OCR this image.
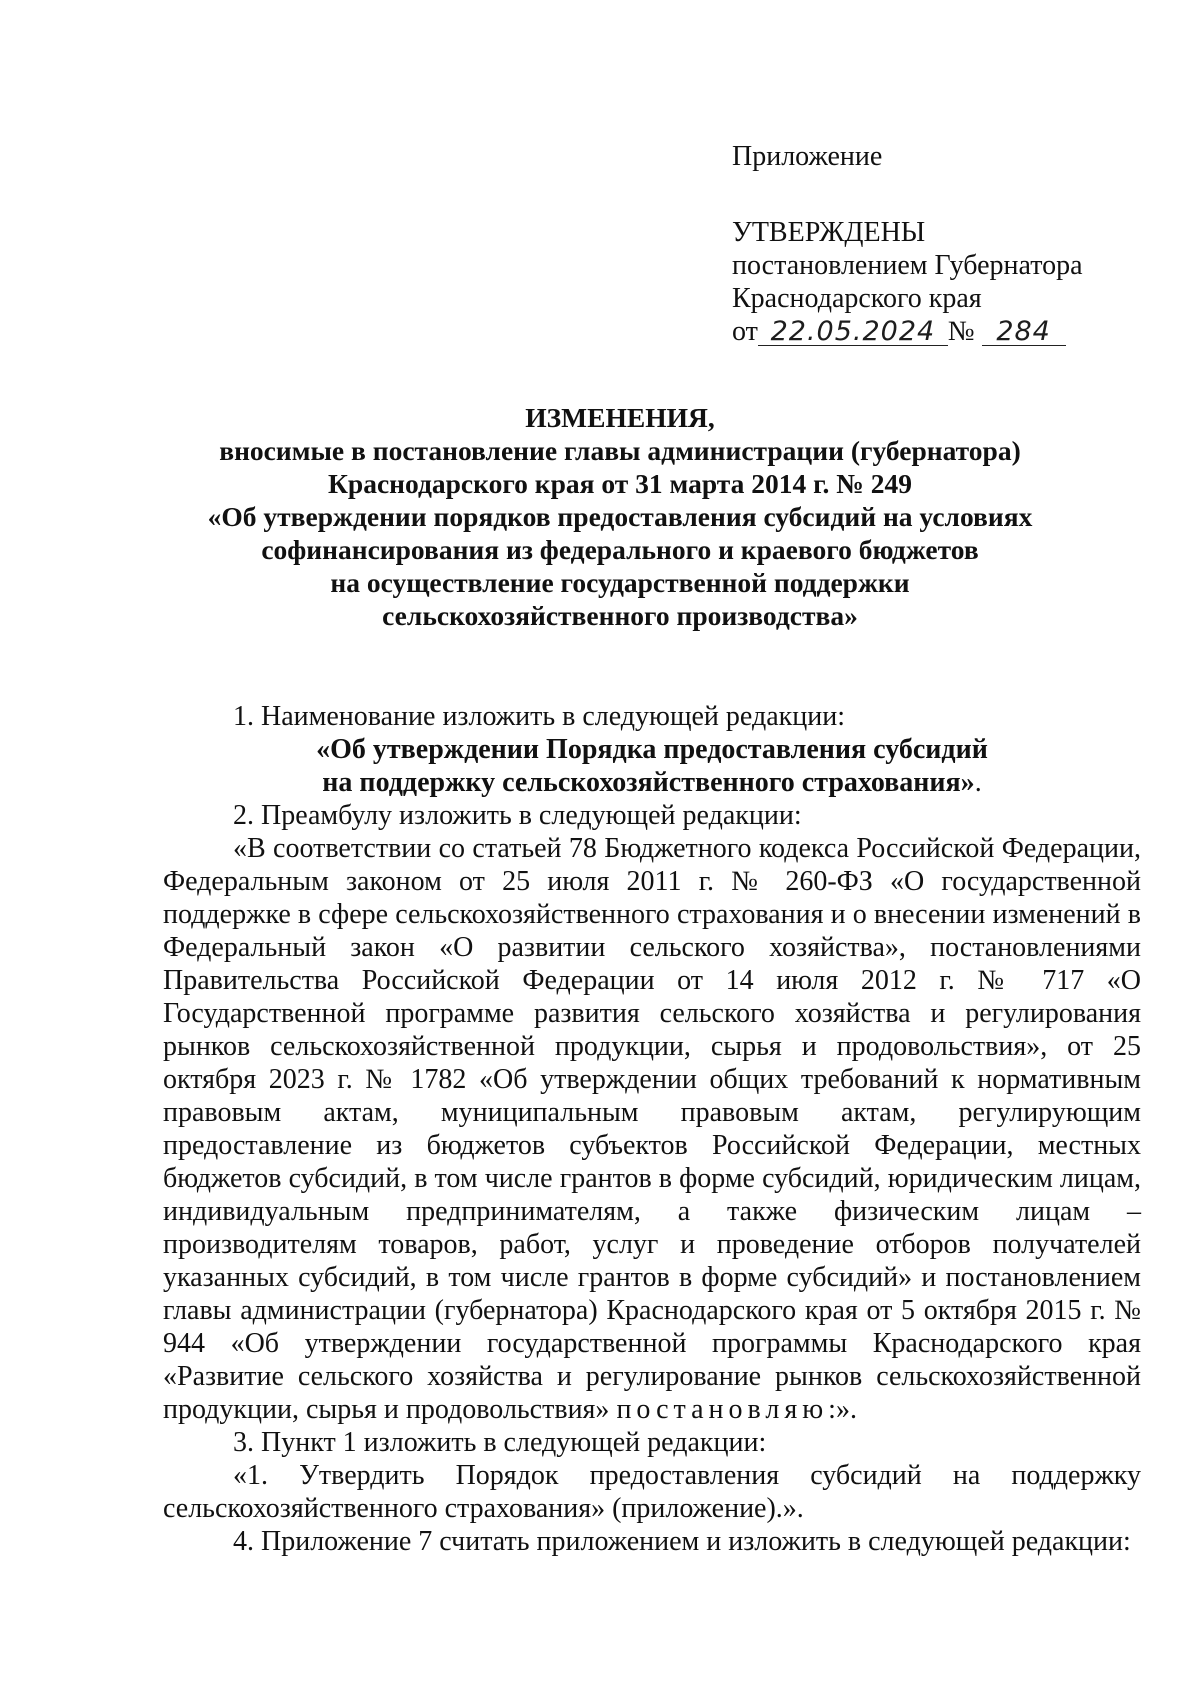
Приложение
УТВЕРЖДЕНЫ
постановлением Губернатора
Краснодарского края
от 22.05.2024 № 284
ИЗМЕНЕНИЯ,
вносимые в постановление главы администрации (губернатора)
Краснодарского края от 31 марта 2014 г. № 249
«Об утверждении порядков предоставления субсидий на условиях
софинансирования из федерального и краевого бюджетов
на осуществление государственной поддержки
сельскохозяйственного производства»
1. Наименование изложить в следующей редакции:
«Об утверждении Порядка предоставления субсидий
на поддержку сельскохозяйственного страхования».
2. Преамбулу изложить в следующей редакции:
«В соответствии со статьей 78 Бюджетного кодекса Российской Федерации, Федеральным законом от 25 июля 2011 г. № 260-ФЗ «О государственной поддержке в сфере сельскохозяйственного страхования и о внесении изменений в Федеральный закон «О развитии сельского хозяйства», постановлениями Правительства Российской Федерации от 14 июля 2012 г. № 717 «О Государственной программе развития сельского хозяйства и регулирования рынков сельскохозяйственной продукции, сырья и продовольствия», от 25 октября 2023 г. № 1782 «Об утверждении общих требований к нормативным правовым актам, муниципальным правовым актам, регулирующим предоставление из бюджетов субъектов Российской Федерации, местных бюджетов субсидий, в том числе грантов в форме субсидий, юридическим лицам, индивидуальным предпринимателям, а также физическим лицам – производителям товаров, работ, услуг и проведение отборов получателей указанных субсидий, в том числе грантов в форме субсидий» и постановлением главы администрации (губернатора) Краснодарского края от 5 октября 2015 г. № 944 «Об утверждении государственной программы Краснодарского края «Развитие сельского хозяйства и регулирование рынков сельскохозяйственной продукции, сырья и продовольствия» постановляю:».
3. Пункт 1 изложить в следующей редакции:
«1. Утвердить Порядок предоставления субсидий на поддержку сельскохозяйственного страхования» (приложение).».
4. Приложение 7 считать приложением и изложить в следующей редакции:
